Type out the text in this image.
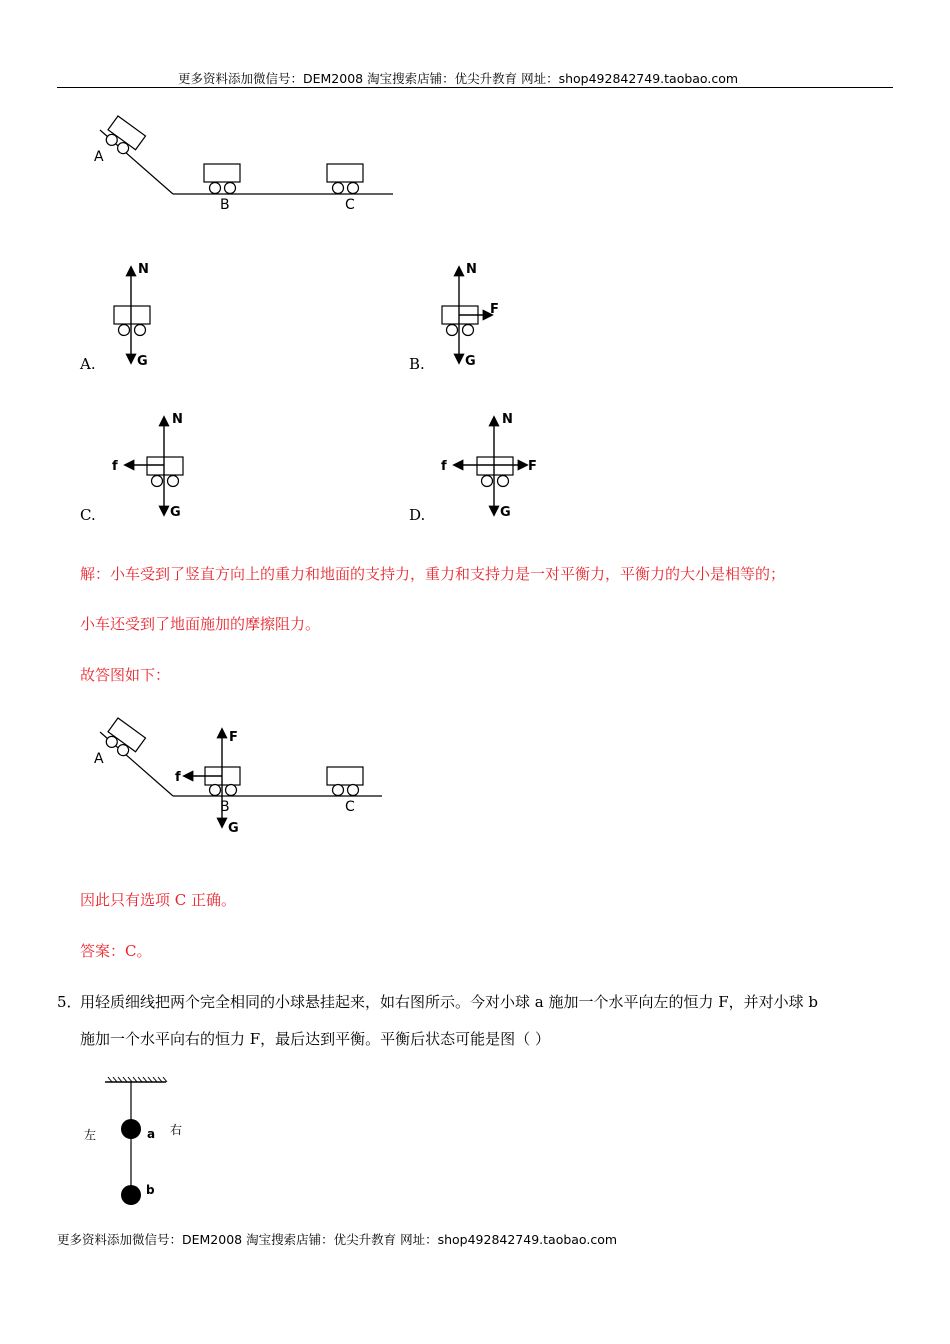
更多资料添加微信号：DEM2008 淘宝搜索店铺：优尖升教育 网址：shop492842749.taobao.com
A
B	C
A.
N
G	B.
N
G
F
C.
N
G
f
D.
N
G
f	F
解：小车受到了竖直方向上的重力和地面的支持力，重力和支持力是一对平衡力，平衡力的大小是相等的；
小车还受到了地面施加的摩擦阻力。
故答图如下：
A
B
F
f
G
C
因此只有选项 C 正确。
答案：C。
5．
用轻质细线把两个完全相同的小球悬挂起来，如右图所示。今对小球 a 施加一个水平向左的恒力 F，并对小球 b
施加一个水平向右的恒力 F，最后达到平衡。平衡后状态可能是图（ ）
a
b
左	右
更多资料添加微信号：DEM2008 淘宝搜索店铺：优尖升教育 网址：shop492842749.taobao.com
